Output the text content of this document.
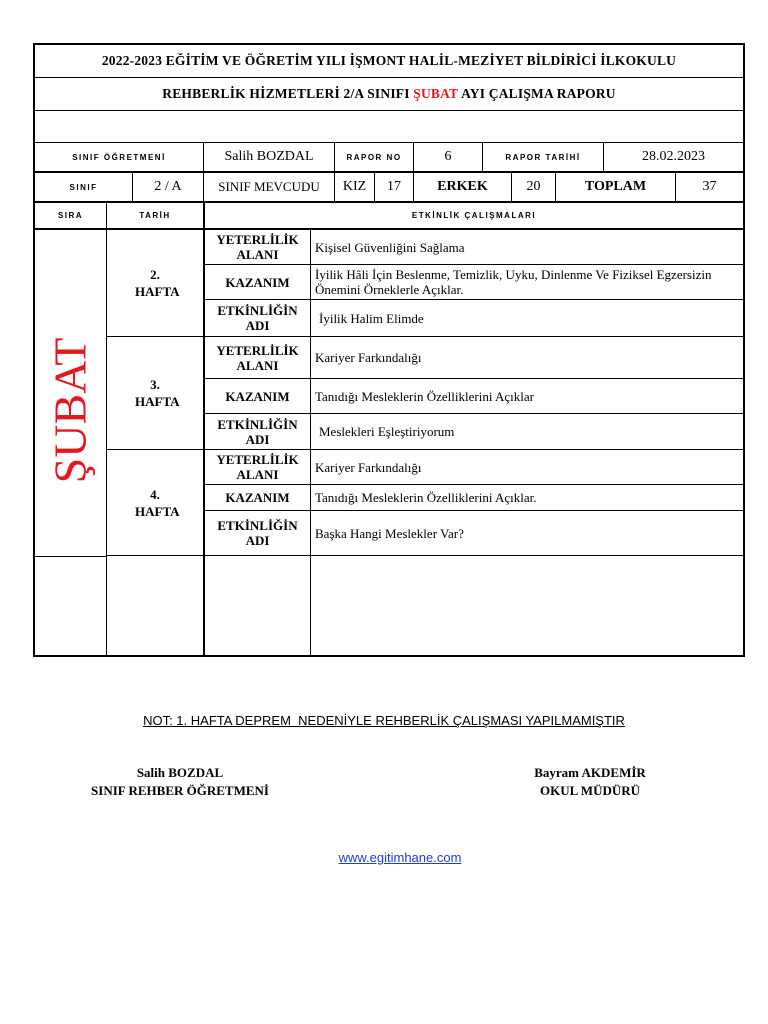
2022-2023 EĞİTİM VE ÖĞRETİM YILI İŞMONT HALİL-MEZİYET BİLDİRİCİ İLKOKULU
REHBERLİK HİZMETLERİ 2/A SINIFI ŞUBAT AYI ÇALIŞMA RAPORU
SINIF ÖĞRETMENİ	Salih BOZDAL	RAPOR NO	6	RAPOR TARİHİ	28.02.2023
SINIF	2 / A	SINIF MEVCUDU	KIZ	17	ERKEK	20	TOPLAM	37
SIRA	TARİH	ETKİNLİK ÇALIŞMALARI
ŞUBAT
2. HAFTA
YETERLİLİK ALANI	Kişisel Güvenliğini Sağlama
KAZANIM	İyilik Hâli İçin Beslenme, Temizlik, Uyku, Dinlenme Ve Fiziksel Egzersizin Önemini Örneklerle Açıklar.
ETKİNLİĞİN ADI	İyilik Halim Elimde
3. HAFTA
YETERLİLİK ALANI	Kariyer Farkındalığı
KAZANIM	Tanıdığı Mesleklerin Özelliklerini Açıklar
ETKİNLİĞİN ADI	Meslekleri Eşleştiriyorum
4. HAFTA
YETERLİLİK ALANI	Kariyer Farkındalığı
KAZANIM	Tanıdığı Mesleklerin Özelliklerini Açıklar.
ETKİNLİĞİN ADI	Başka Hangi Meslekler Var?
NOT: 1. HAFTA DEPREM  NEDENİYLE REHBERLİK ÇALIŞMASI YAPILMAMIŞTIR
Salih BOZDAL
SINIF REHBER ÖĞRETMENİ
Bayram AKDEMİR
OKUL MÜDÜRÜ
www.egitimhane.com
